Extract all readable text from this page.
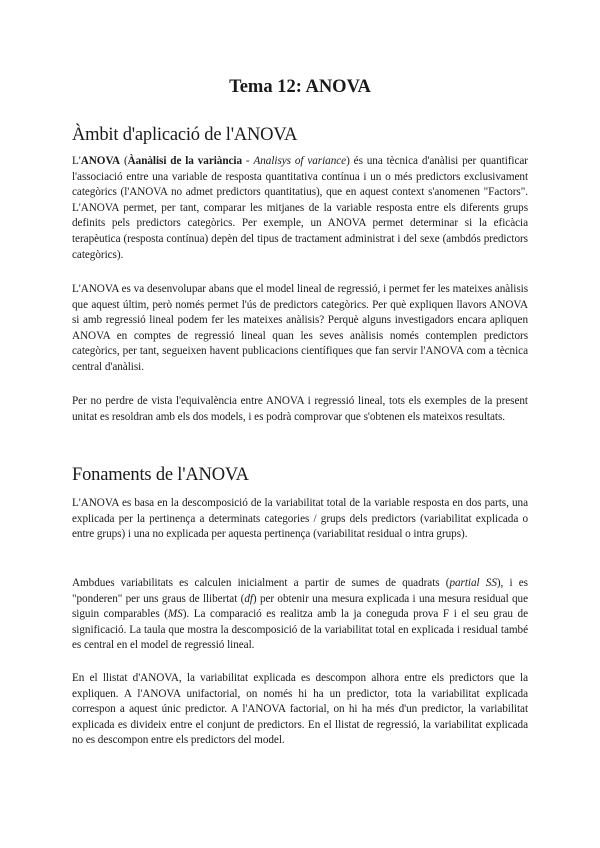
Tema 12: ANOVA
Àmbit d'aplicació de l'ANOVA

L'ANOVA (Àanàlisi de la variància - Analisys of variance) és una tècnica d'anàlisi per quantificar l'associació entre una variable de resposta quantitativa contínua i un o més predictors exclusivament categòrics (l'ANOVA no admet predictors quantitatius), que en aquest context s'anomenen "Factors". L'ANOVA permet, per tant, comparar les mitjanes de la variable resposta entre els diferents grups definits pels predictors categòrics. Per exemple, un ANOVA permet determinar si la eficàcia terapèutica (resposta contínua) depèn del tipus de tractament administrat i del sexe (ambdós predictors categòrics).

L'ANOVA es va desenvolupar abans que el model lineal de regressió, i permet fer les mateixes anàlisis que aquest últim, però només permet l'ús de predictors categòrics. Per què expliquen llavors ANOVA si amb regressió lineal podem fer les mateixes anàlisis? Perquè alguns investigadors encara apliquen ANOVA en comptes de regressió lineal quan les seves anàlisis només contemplen predictors categòrics, per tant, segueixen havent publicacions científiques que fan servir l'ANOVA com a tècnica central d'anàlisi.

Per no perdre de vista l'equivalència entre ANOVA i regressió lineal, tots els exemples de la present unitat es resoldran amb els dos models, i es podrà comprovar que s'obtenen els mateixos resultats.

Fonaments de l'ANOVA

L'ANOVA es basa en la descomposició de la variabilitat total de la variable resposta en dos parts, una explicada per la pertinença a determinats categories / grups dels predictors (variabilitat explicada o entre grups) i una no explicada per aquesta pertinença (variabilitat residual o intra grups).

Ambdues variabilitats es calculen inicialment a partir de sumes de quadrats (partial SS), i es "ponderen" per uns graus de llibertat (df) per obtenir una mesura explicada i una mesura residual que siguin comparables (MS). La comparació es realitza amb la ja coneguda prova F i el seu grau de significació. La taula que mostra la descomposició de la variabilitat total en explicada i residual també es central en el model de regressió lineal.

En el llistat d'ANOVA, la variabilitat explicada es descompon alhora entre els predictors que la expliquen. A l'ANOVA unifactorial, on només hi ha un predictor, tota la variabilitat explicada correspon a aquest únic predictor. A l'ANOVA factorial, on hi ha més d'un predictor, la variabilitat explicada es divideix entre el conjunt de predictors. En el llistat de regressió, la variabilitat explicada no es descompon entre els predictors del model.
